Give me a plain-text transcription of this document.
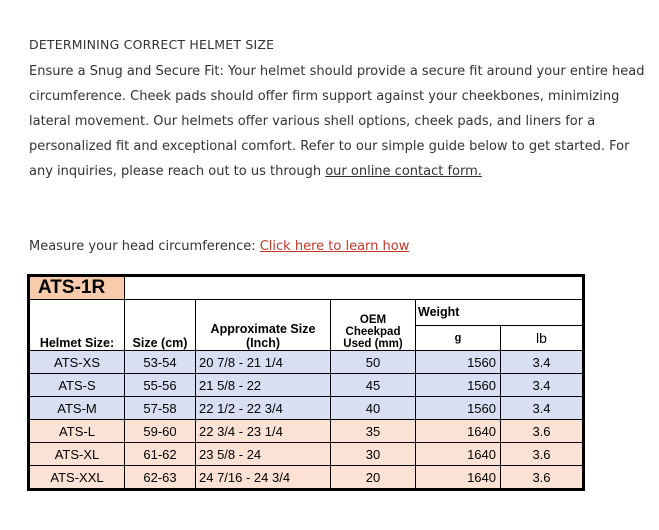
DETERMINING CORRECT HELMET SIZE

Ensure a Snug and Secure Fit: Your helmet should provide a secure fit around your entire head circumference. Cheek pads should offer firm support against your cheekbones, minimizing lateral movement. Our helmets offer various shell options, cheek pads, and liners for a personalized fit and exceptional comfort. Refer to our simple guide below to get started. For any inquiries, please reach out to us through our online contact form.

Measure your head circumference: Click here to learn how
ATS-1R					
Helmet Size:	Size (cm)	Approximate Size (Inch)	OEM Cheekpad Used (mm)	Weight	
				g	lb
ATS-XS	53-54	20 7/8 - 21 1/4	50	1560	3.4
ATS-S	55-56	21 5/8 - 22	45	1560	3.4
ATS-M	57-58	22 1/2 - 22 3/4	40	1560	3.4
ATS-L	59-60	22 3/4 - 23 1/4	35	1640	3.6
ATS-XL	61-62	23 5/8 - 24	30	1640	3.6
ATS-XXL	62-63	24 7/16 - 24 3/4	20	1640	3.6
